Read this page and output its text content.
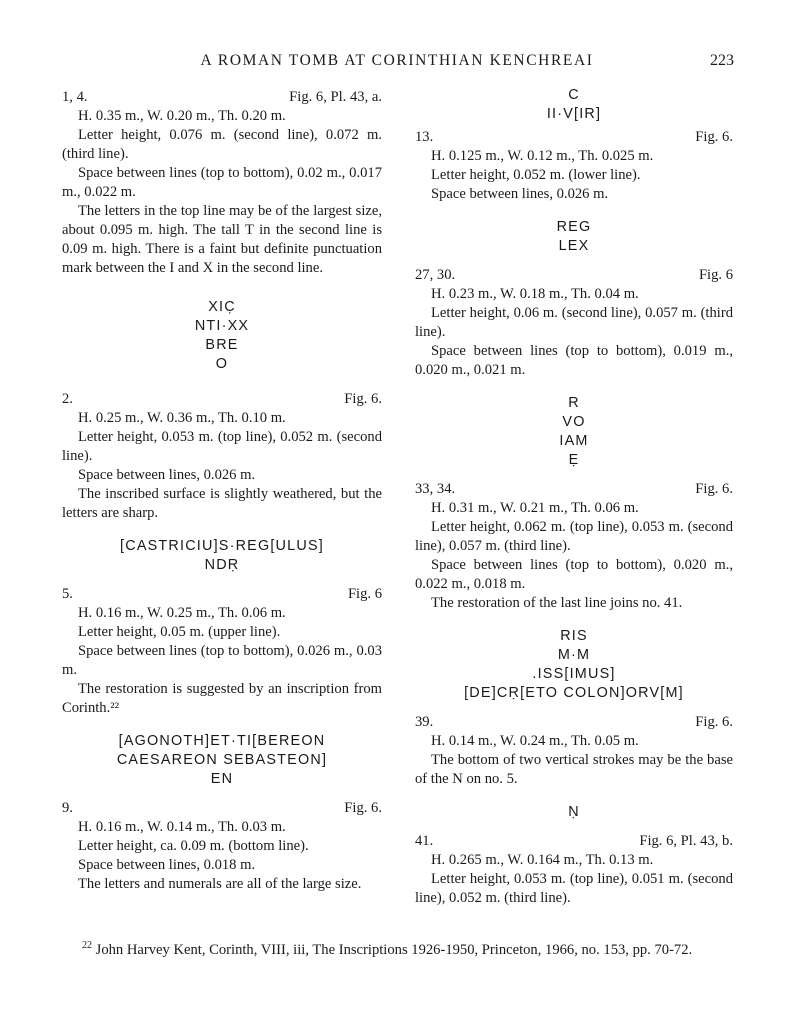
A ROMAN TOMB AT CORINTHIAN KENCHREAI	223
1, 4.	Fig. 6, Pl. 43, a.

H. 0.35 m., W. 0.20 m., Th. 0.20 m.

Letter height, 0.076 m. (second line), 0.072 m. (third line).

Space between lines (top to bottom), 0.02 m., 0.017 m., 0.022 m.

The letters in the top line may be of the largest size, about 0.095 m. high. The tall T in the second line is 0.09 m. high. There is a faint but definite punctuation mark between the I and X in the second line.

XIC̣
NTI·XX
BRE
O
2.	Fig. 6.

H. 0.25 m., W. 0.36 m., Th. 0.10 m.

Letter height, 0.053 m. (top line), 0.052 m. (second line).

Space between lines, 0.026 m.

The inscribed surface is slightly weathered, but the letters are sharp.

[CASTRICIU]S·REG[ULUS]
NDṚ
5.	Fig. 6

H. 0.16 m., W. 0.25 m., Th. 0.06 m.

Letter height, 0.05 m. (upper line).

Space between lines (top to bottom), 0.026 m., 0.03 m.

The restoration is suggested by an inscription from Corinth.²²

[AGONOTH]ET·TI[BEREON
CAESAREON SEBASTEON]
EN
9.	Fig. 6.

H. 0.16 m., W. 0.14 m., Th. 0.03 m.

Letter height, ca. 0.09 m. (bottom line).

Space between lines, 0.018 m.

The letters and numerals are all of the large size.

C
II·V[IR]
13.	Fig. 6.

H. 0.125 m., W. 0.12 m., Th. 0.025 m.

Letter height, 0.052 m. (lower line).

Space between lines, 0.026 m.

REG
LEX
27, 30.	Fig. 6

H. 0.23 m., W. 0.18 m., Th. 0.04 m.

Letter height, 0.06 m. (second line), 0.057 m. (third line).

Space between lines (top to bottom), 0.019 m., 0.020 m., 0.021 m.

R
VO
IAM
Ẹ
33, 34.	Fig. 6.

H. 0.31 m., W. 0.21 m., Th. 0.06 m.

Letter height, 0.062 m. (top line), 0.053 m. (second line), 0.057 m. (third line).

Space between lines (top to bottom), 0.020 m., 0.022 m., 0.018 m.

The restoration of the last line joins no. 41.

RIS
M·M
.ISS[IMUS]
[DE]CṚ[ETO COLON]ORV[M]
39.	Fig. 6.

H. 0.14 m., W. 0.24 m., Th. 0.05 m.

The bottom of two vertical strokes may be the base of the N on no. 5.

Ṇ
41.	Fig. 6, Pl. 43, b.

H. 0.265 m., W. 0.164 m., Th. 0.13 m.

Letter height, 0.053 m. (top line), 0.051 m. (second line), 0.052 m. (third line).

$^{22}$ John Harvey Kent, Corinth, VIII, iii, The Inscriptions 1926-1950, Princeton, 1966, no. 153, pp. 70-72.
